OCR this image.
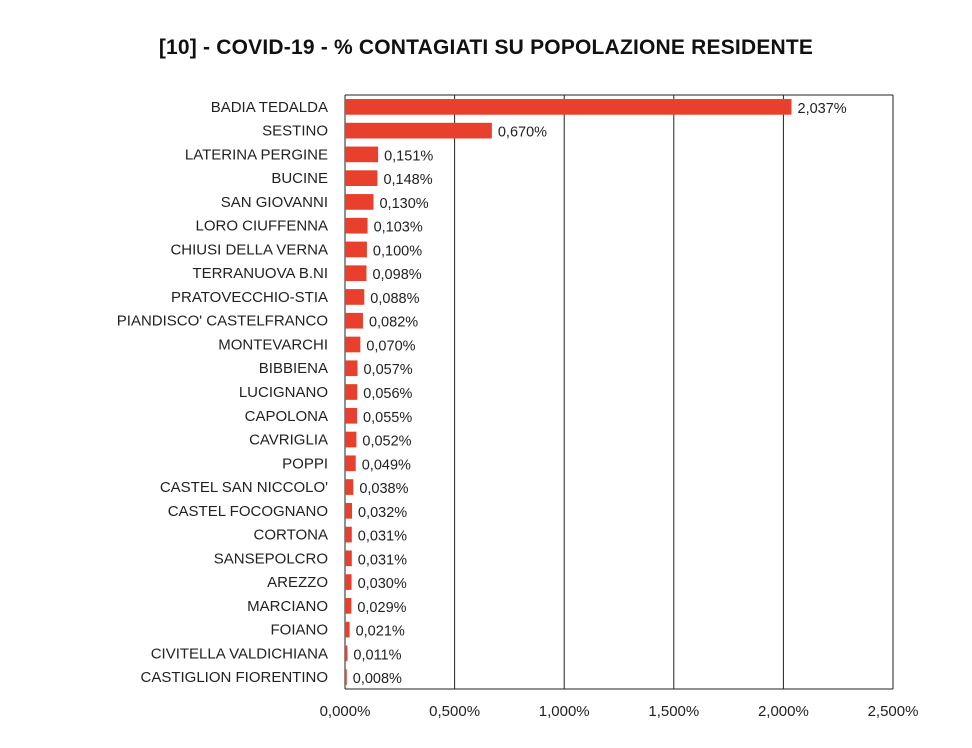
[10] - COVID-19 - % CONTAGIATI SU POPOLAZIONE RESIDENTE
BADIA TEDALDA
SESTINO
LATERINA PERGINE
BUCINE
SAN GIOVANNI
LORO CIUFFENNA
CHIUSI DELLA VERNA
TERRANUOVA B.NI
PRATOVECCHIO-STIA
PIANDISCO' CASTELFRANCO
MONTEVARCHI
BIBBIENA
LUCIGNANO
CAPOLONA
CAVRIGLIA
POPPI
CASTEL SAN NICCOLO'
CASTEL FOCOGNANO
CORTONA
SANSEPOLCRO
AREZZO
MARCIANO
FOIANO
CIVITELLA VALDICHIANA
CASTIGLION FIORENTINO
2,037%
0,670%
0,151%
0,148%
0,130%
0,103%
0,100%
0,098%
0,088%
0,082%
0,070%
0,057%
0,056%
0,055%
0,052%
0,049%
0,038%
0,032%
0,031%
0,031%
0,030%
0,029%
0,021%
0,011%
0,008%
0,000%	0,500%	1,000%	1,500%	2,000%	2,500%
